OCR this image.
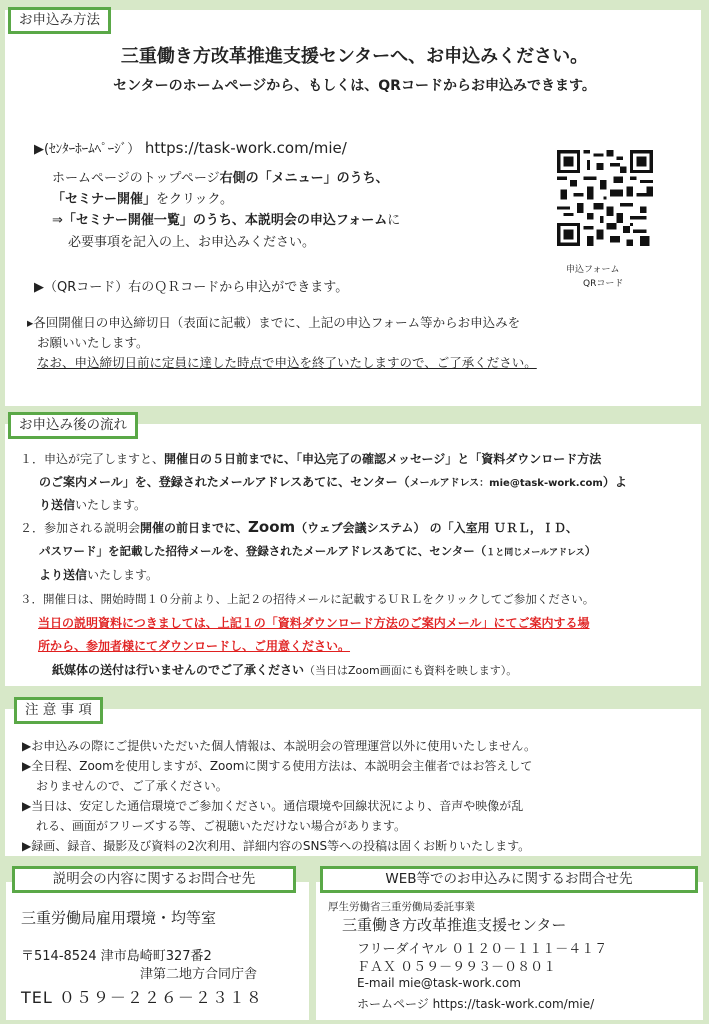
お申込み方法
三重働き方改革推進支援センターへ、お申込みください。
センターのホームページから、もしくは、QRコードからお申込みできます。
▶(ｾﾝﾀｰﾎｰﾑﾍﾟｰｼﾞ） https://task-work.com/mie/
ホームページのトップページ右側の「メニュー」のうち、
「セミナー開催」をクリック。
⇒「セミナー開催一覧」のうち、本説明会の申込フォームに
必要事項を記入の上、お申込みください。
▶（QRコード）右のＱＲコードから申込ができます。
申込フォーム
QRコード
▸各回開催日の申込締切日（表面に記載）までに、上記の申込フォーム等からお申込みを
お願いいたします。
なお、申込締切日前に定員に達した時点で申込を終了いたしますので、ご了承ください。
お申込み後の流れ
１．申込が完了しますと、開催日の５日前までに、「申込完了の確認メッセージ」と「資料ダウンロード方法
のご案内メール」を、登録されたメールアドレスあてに、センター（メールアドレス：mie@task-work.com）よ
り送信いたします。
２．参加される説明会開催の前日までに、Zoom（ウェブ会議システム） の「入室用 ＵＲＬ，ＩＤ、
パスワード」を記載した招待メールを、登録されたメールアドレスあてに、センター（１と同じメールアドレス）
より送信いたします。
３．開催日は、開始時間１０分前より、上記２の招待メールに記載するＵＲＬをクリックしてご参加ください。
当日の説明資料につきましては、上記１の「資料ダウンロード方法のご案内メール」にてご案内する場
所から、参加者様にてダウンロードし、ご用意ください。
紙媒体の送付は行いませんのでご了承ください（当日はZoom画面にも資料を映します）。
注 意 事 項
▶お申込みの際にご提供いただいた個人情報は、本説明会の管理運営以外に使用いたしません。
▶全日程、Zoomを使用しますが、Zoomに関する使用方法は、本説明会主催者ではお答えして
おりませんので、ご了承ください。
▶当日は、安定した通信環境でご参加ください。通信環境や回線状況により、音声や映像が乱
れる、画面がフリーズする等、ご視聴いただけない場合があります。
▶録画、録音、撮影及び資料の2次利用、詳細内容のSNS等への投稿は固くお断りいたします。
説明会の内容に関するお問合せ先
三重労働局雇用環境・均等室
〒514-8524 津市島崎町327番2
津第二地方合同庁舎
TEL ０５９－２２６－２３１８
WEB等でのお申込みに関するお問合せ先
厚生労働省三重労働局委託事業
三重働き方改革推進支援センター
フリーダイヤル ０１２０－１１１－４１７
ＦＡＸ ０５９－９９３－０８０１
E-mail mie@task-work.com
ホームページ https://task-work.com/mie/
